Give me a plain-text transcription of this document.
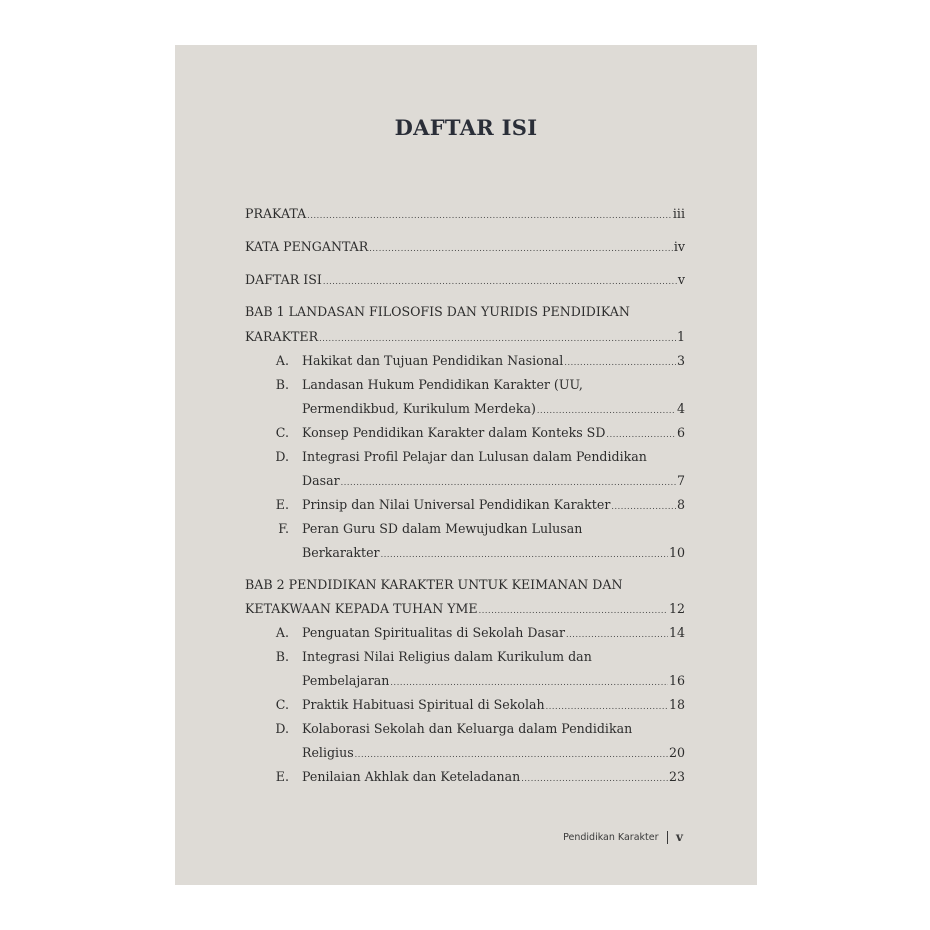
DAFTAR ISI
PRAKATA .....	iii
KATA PENGANTAR .....	iv
DAFTAR ISI .....	v
BAB 1 LANDASAN FILOSOFIS DAN YURIDIS PENDIDIKAN
KARAKTER .....	1
A. Hakikat dan Tujuan Pendidikan Nasional .....	3
B. Landasan Hukum Pendidikan Karakter (UU,
Permendikbud, Kurikulum Merdeka) .....	4
C. Konsep Pendidikan Karakter dalam Konteks SD .....	6
D. Integrasi Profil Pelajar dan Lulusan dalam Pendidikan
Dasar .....	7
E. Prinsip dan Nilai Universal Pendidikan Karakter .....	8
F. Peran Guru SD dalam Mewujudkan Lulusan
Berkarakter .....	10
BAB 2 PENDIDIKAN KARAKTER UNTUK KEIMANAN DAN
KETAKWAAN KEPADA TUHAN YME .....	12
A. Penguatan Spiritualitas di Sekolah Dasar .....	14
B. Integrasi Nilai Religius dalam Kurikulum dan
Pembelajaran .....	16
C. Praktik Habituasi Spiritual di Sekolah .....	18
D. Kolaborasi Sekolah dan Keluarga dalam Pendidikan
Religius .....	20
E. Penilaian Akhlak dan Keteladanan .....	23
Pendidikan Karakter v
